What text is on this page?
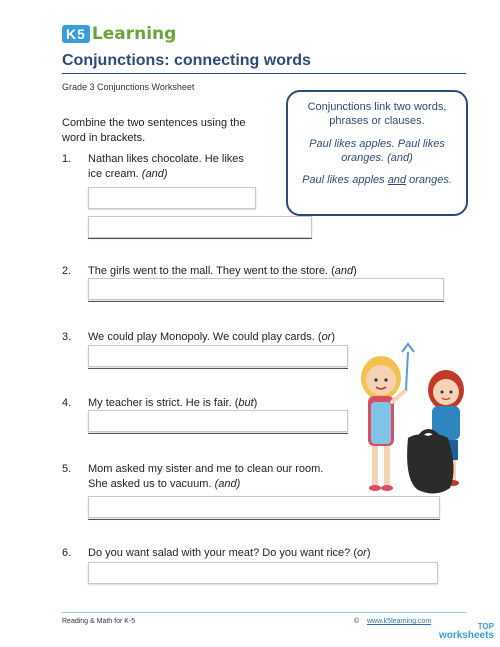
K5 Learning
Conjunctions: connecting words
Grade 3 Conjunctions Worksheet

Conjunctions link two words, phrases or clauses.

Paul likes apples. Paul likes oranges. (and)

Paul likes apples and oranges.

Combine the two sentences using the word in brackets.
1. Nathan likes chocolate. He likes ice cream. (and)
2. The girls went to the mall. They went to the store. (and)
3. We could play Monopoly. We could play cards. (or)
4. My teacher is strict. He is fair. (but)
5. Mom asked my sister and me to clean our room.
She asked us to vacuum. (and)
6. Do you want salad with your meat? Do you want rice? (or)
Reading & Math for K-5	© www.k5learning.com
TOP
worksheets
